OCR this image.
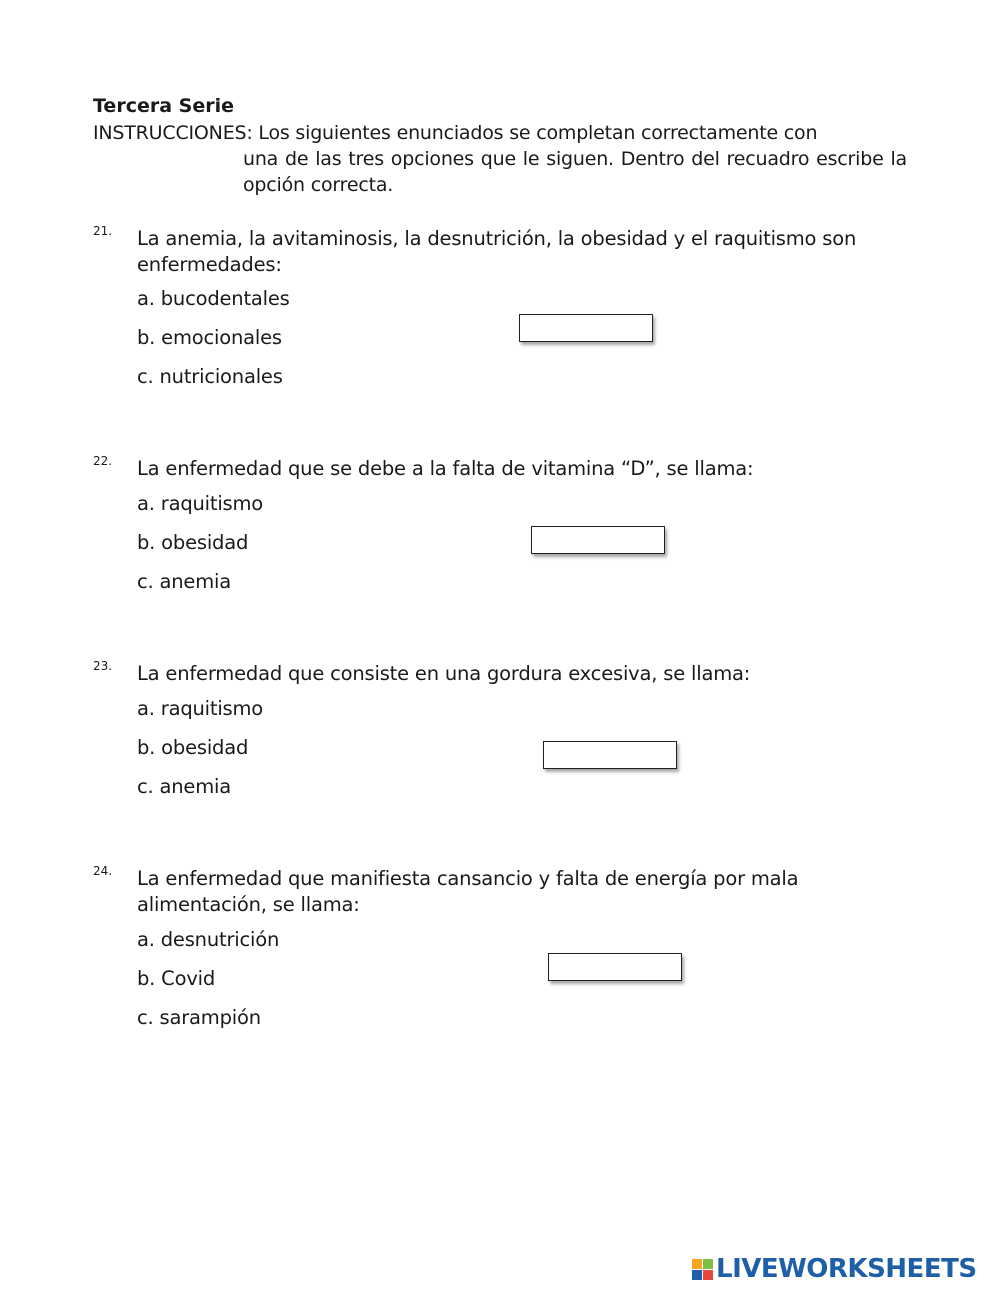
Tercera Serie
INSTRUCCIONES: Los siguientes enunciados se completan correctamente con
una de las tres opciones que le siguen. Dentro del recuadro escribe la opción correcta.
21. La anemia, la avitaminosis, la desnutrición, la obesidad y el raquitismo son enfermedades:
a. bucodentales
b. emocionales
c. nutricionales
22. La enfermedad que se debe a la falta de vitamina “D”, se llama:
a. raquitismo
b. obesidad
c. anemia
23. La enfermedad que consiste en una gordura excesiva, se llama:
a. raquitismo
b. obesidad
c. anemia
24. La enfermedad que manifiesta cansancio y falta de energía por mala alimentación, se llama:
a. desnutrición
b. Covid
c. sarampión
LIVEWORKSHEETS
